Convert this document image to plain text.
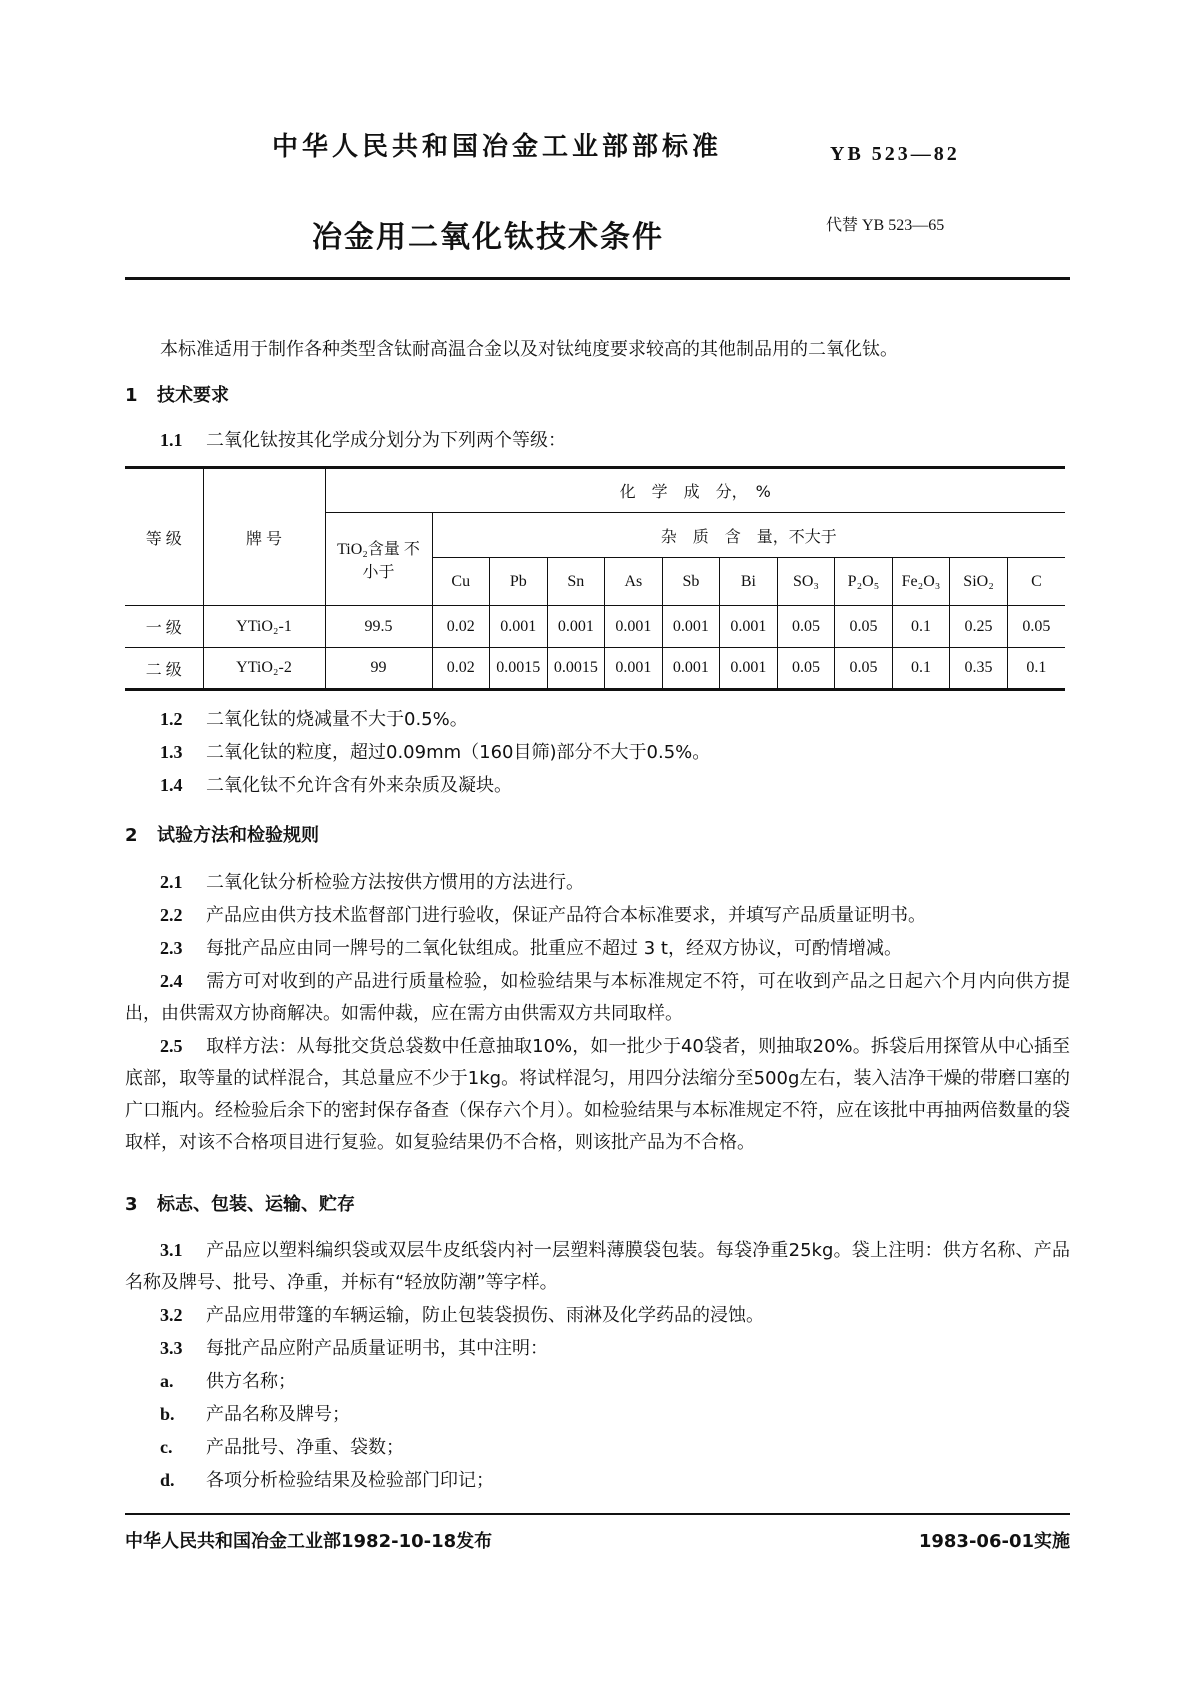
中华人民共和国冶金工业部部标准	YB 523—82
冶金用二氧化钛技术条件	代替 YB 523—65
本标准适用于制作各种类型含钛耐高温合金以及对钛纯度要求较高的其他制品用的二氧化钛。
1 技术要求
1.1 二氧化钛按其化学成分划分为下列两个等级：
等 级	牌 号	化　学　成　分，　%											
		TiO₂含量 不小于	杂　质　含　量，不大于										
			Cu	Pb	Sn	As	Sb	Bi	SO₃	P₂O₅	Fe₂O₃	SiO₂	C
一 级	YTiO₂-1	99.5	0.02	0.001	0.001	0.001	0.001	0.001	0.05	0.05	0.1	0.25	0.05
二 级	YTiO₂-2	99	0.02	0.0015	0.0015	0.001	0.001	0.001	0.05	0.05	0.1	0.35	0.1
1.2 二氧化钛的烧减量不大于0.5%。
1.3 二氧化钛的粒度，超过0.09mm（160目筛)部分不大于0.5%。
1.4 二氧化钛不允许含有外来杂质及凝块。
2 试验方法和检验规则
2.1 二氧化钛分析检验方法按供方惯用的方法进行。
2.2 产品应由供方技术监督部门进行验收，保证产品符合本标准要求，并填写产品质量证明书。
2.3 每批产品应由同一牌号的二氧化钛组成。批重应不超过 3 t，经双方协议，可酌情增减。
2.4 需方可对收到的产品进行质量检验，如检验结果与本标准规定不符，可在收到产品之日起六个月内向供方提出，由供需双方协商解决。如需仲裁，应在需方由供需双方共同取样。
2.5 取样方法：从每批交货总袋数中任意抽取10%，如一批少于40袋者，则抽取20%。拆袋后用探管从中心插至底部，取等量的试样混合，其总量应不少于1kg。将试样混匀，用四分法缩分至500g左右，装入洁净干燥的带磨口塞的广口瓶内。经检验后余下的密封保存备查（保存六个月）。如检验结果与本标准规定不符，应在该批中再抽两倍数量的袋取样，对该不合格项目进行复验。如复验结果仍不合格，则该批产品为不合格。
3 标志、包装、运输、贮存
3.1 产品应以塑料编织袋或双层牛皮纸袋内衬一层塑料薄膜袋包装。每袋净重25kg。袋上注明：供方名称、产品名称及牌号、批号、净重，并标有“轻放防潮”等字样。
3.2 产品应用带篷的车辆运输，防止包装袋损伤、雨淋及化学药品的浸蚀。
3.3 每批产品应附产品质量证明书，其中注明：
a. 供方名称；
b. 产品名称及牌号；
c. 产品批号、净重、袋数；
d. 各项分析检验结果及检验部门印记；
中华人民共和国冶金工业部1982-10-18发布	1983-06-01实施
